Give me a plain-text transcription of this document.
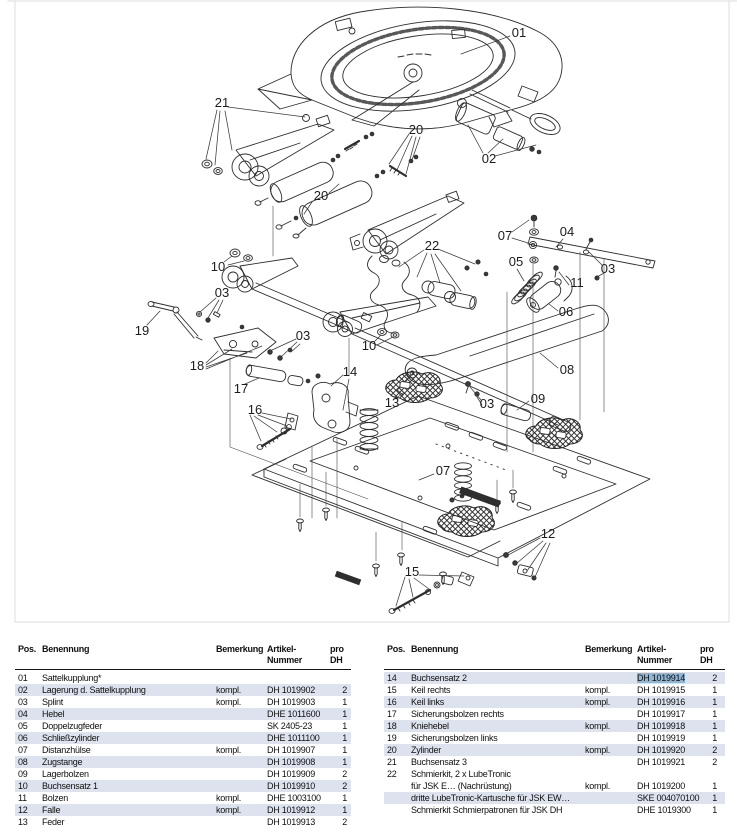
01
02
21
20
20
10
03
19
18
03
17
16
14
10
22
07	04
05
11
03
06
08
03	09
13
07
12
15
Pos. Benennung	Bemerkung Artikel-
Nummer
pro
DH
01	Sattelkupplung*
02	Lagerung d. Sattelkupplung	kompl.	DH 1019902	2
03	Splint	kompl.	DH 1019903	1
04	Hebel	DHE 1011600	1
05	Doppelzugfeder	SK 2405-23	1
06	Schließzylinder	DHE 1011100	1
07	Distanzhülse	kompl.	DH 1019907	1
08	Zugstange	DH 1019908	1
09	Lagerbolzen	DH 1019909	2
10	Buchsensatz 1	DH 1019910	2
11	Bolzen	kompl.	DHE 1003100	1
12	Falle	kompl.	DH 1019912	1
13	Feder	DH 1019913	2
Pos. Benennung	Bemerkung Artikel-
Nummer
pro
DH
14	Buchsensatz 2	DH 1019914	2
15	Keil rechts	kompl.	DH 1019915	1
16	Keil links	kompl.	DH 1019916	1
17	Sicherungsbolzen rechts	DH 1019917	1
18	Kniehebel	kompl.	DH 1019918	1
19	Sicherungsbolzen links	DH 1019919	1
20	Zylinder	kompl.	DH 1019920	2
21	Buchsensatz 3	DH 1019921	2
22	Schmierkit, 2 x LubeTronic
für JSK E… (Nachrüstung)	kompl.	DH 1019200	1
dritte LubeTronic-Kartusche für JSK EW…	SKE 004070100	1
Schmierkit Schmierpatronen für JSK DH	DHE 1019300	1
